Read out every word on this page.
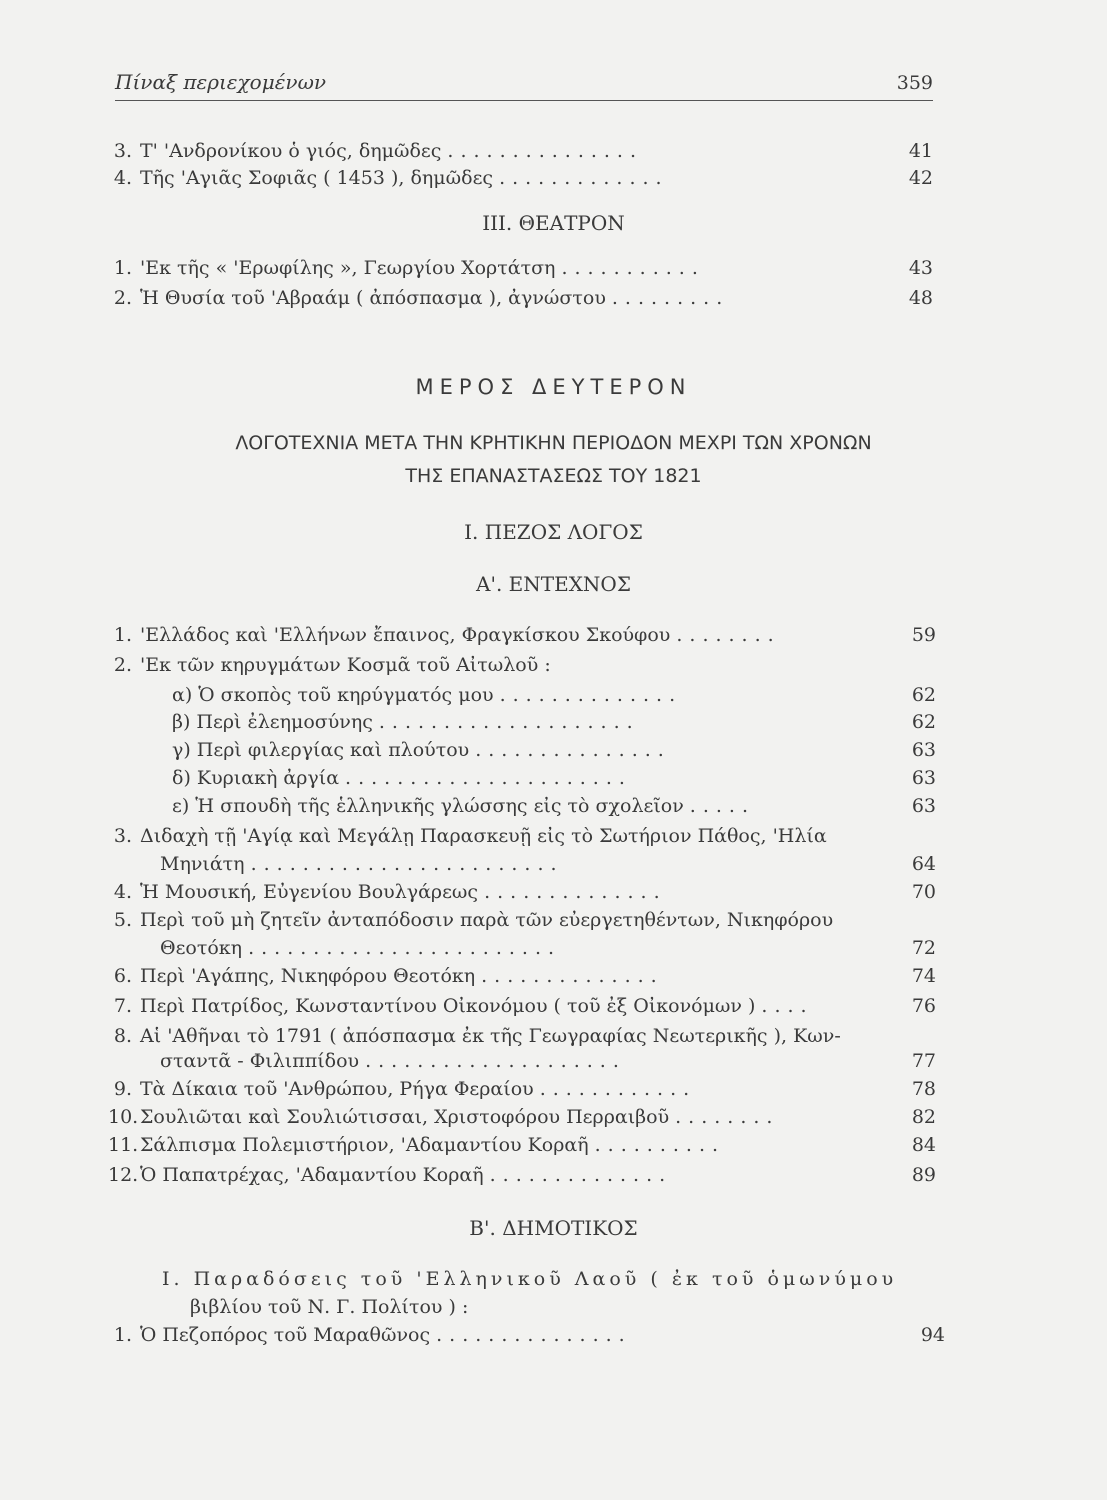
Πίναξ περιεχομένων	359
3. Τ' 'Ανδρονίκου ὁ γιός, δημῶδες ...............	41
4. Τῆς 'Αγιᾶς Σοφιᾶς ( 1453 ), δημῶδες .............	42
ΙΙΙ. ΘΕΑΤΡΟΝ
1. 'Εκ τῆς « 'Ερωφίλης », Γεωργίου Χορτάτση ...........	43
2. Ἡ Θυσία τοῦ 'Αβραάμ ( ἀπόσπασμα ), ἀγνώστου .........	48
ΜΕΡΟΣ ΔΕΥΤΕΡΟΝ
ΛΟΓΟΤΕΧΝΙΑ ΜΕΤΑ ΤΗΝ ΚΡΗΤΙΚΗΝ ΠΕΡΙΟΔΟΝ ΜΕΧΡΙ ΤΩΝ ΧΡΟΝΩΝ
ΤΗΣ ΕΠΑΝΑΣΤΑΣΕΩΣ ΤΟΥ 1821
Ι. ΠΕΖΟΣ ΛΟΓΟΣ
Α'. ΕΝΤΕΧΝΟΣ
1. 'Ελλάδος καὶ 'Ελλήνων ἔπαινος, Φραγκίσκου Σκούφου ........	59
2. 'Εκ τῶν κηρυγμάτων Κοσμᾶ τοῦ Αἰτωλοῦ :
α) Ὁ σκοπὸς τοῦ κηρύγματός μου ..............	62
β) Περὶ ἐλεημοσύνης ....................	62
γ) Περὶ φιλεργίας καὶ πλούτου ...............	63
δ) Κυριακὴ ἀργία ......................	63
ε) Ἡ σπουδὴ τῆς ἑλληνικῆς γλώσσης εἰς τὸ σχολεῖον .....	63
3. Διδαχὴ τῇ 'Αγίᾳ καὶ Μεγάλῃ Παρασκευῇ εἰς τὸ Σωτήριον Πάθος, 'Ηλία
Μηνιάτη ........................	64
4. Ἡ Μουσική, Εὐγενίου Βουλγάρεως ..............	70
5. Περὶ τοῦ μὴ ζητεῖν ἀνταπόδοσιν παρὰ τῶν εὐεργετηθέντων, Νικηφόρου
Θεοτόκη ........................	72
6. Περὶ 'Αγάπης, Νικηφόρου Θεοτόκη ..............	74
7. Περὶ Πατρίδος, Κωνσταντίνου Οἰκονόμου ( τοῦ ἐξ Οἰκονόμων ) ....	76
8. Αἱ 'Αθῆναι τὸ 1791 ( ἀπόσπασμα ἐκ τῆς Γεωγραφίας Νεωτερικῆς ), Κων-
σταντᾶ - Φιλιππίδου ....................	77
9. Τὰ Δίκαια τοῦ 'Ανθρώπου, Ρήγα Φεραίου ............	78
10.Σουλιῶται καὶ Σουλιώτισσαι, Χριστοφόρου Περραιβοῦ ........	82
11.Σάλπισμα Πολεμιστήριον, 'Αδαμαντίου Κοραῆ ..........	84
12.Ὁ Παπατρέχας, 'Αδαμαντίου Κοραῆ ..............	89
Β'. ΔΗΜΟΤΙΚΟΣ
Ι. Παραδόσεις τοῦ 'Ελληνικοῦ Λαοῦ ( ἐκ τοῦ ὁμωνύμου
βιβλίου τοῦ Ν. Γ. Πολίτου ) :
1. Ὁ Πεζοπόρος τοῦ Μαραθῶνος ...............	94
